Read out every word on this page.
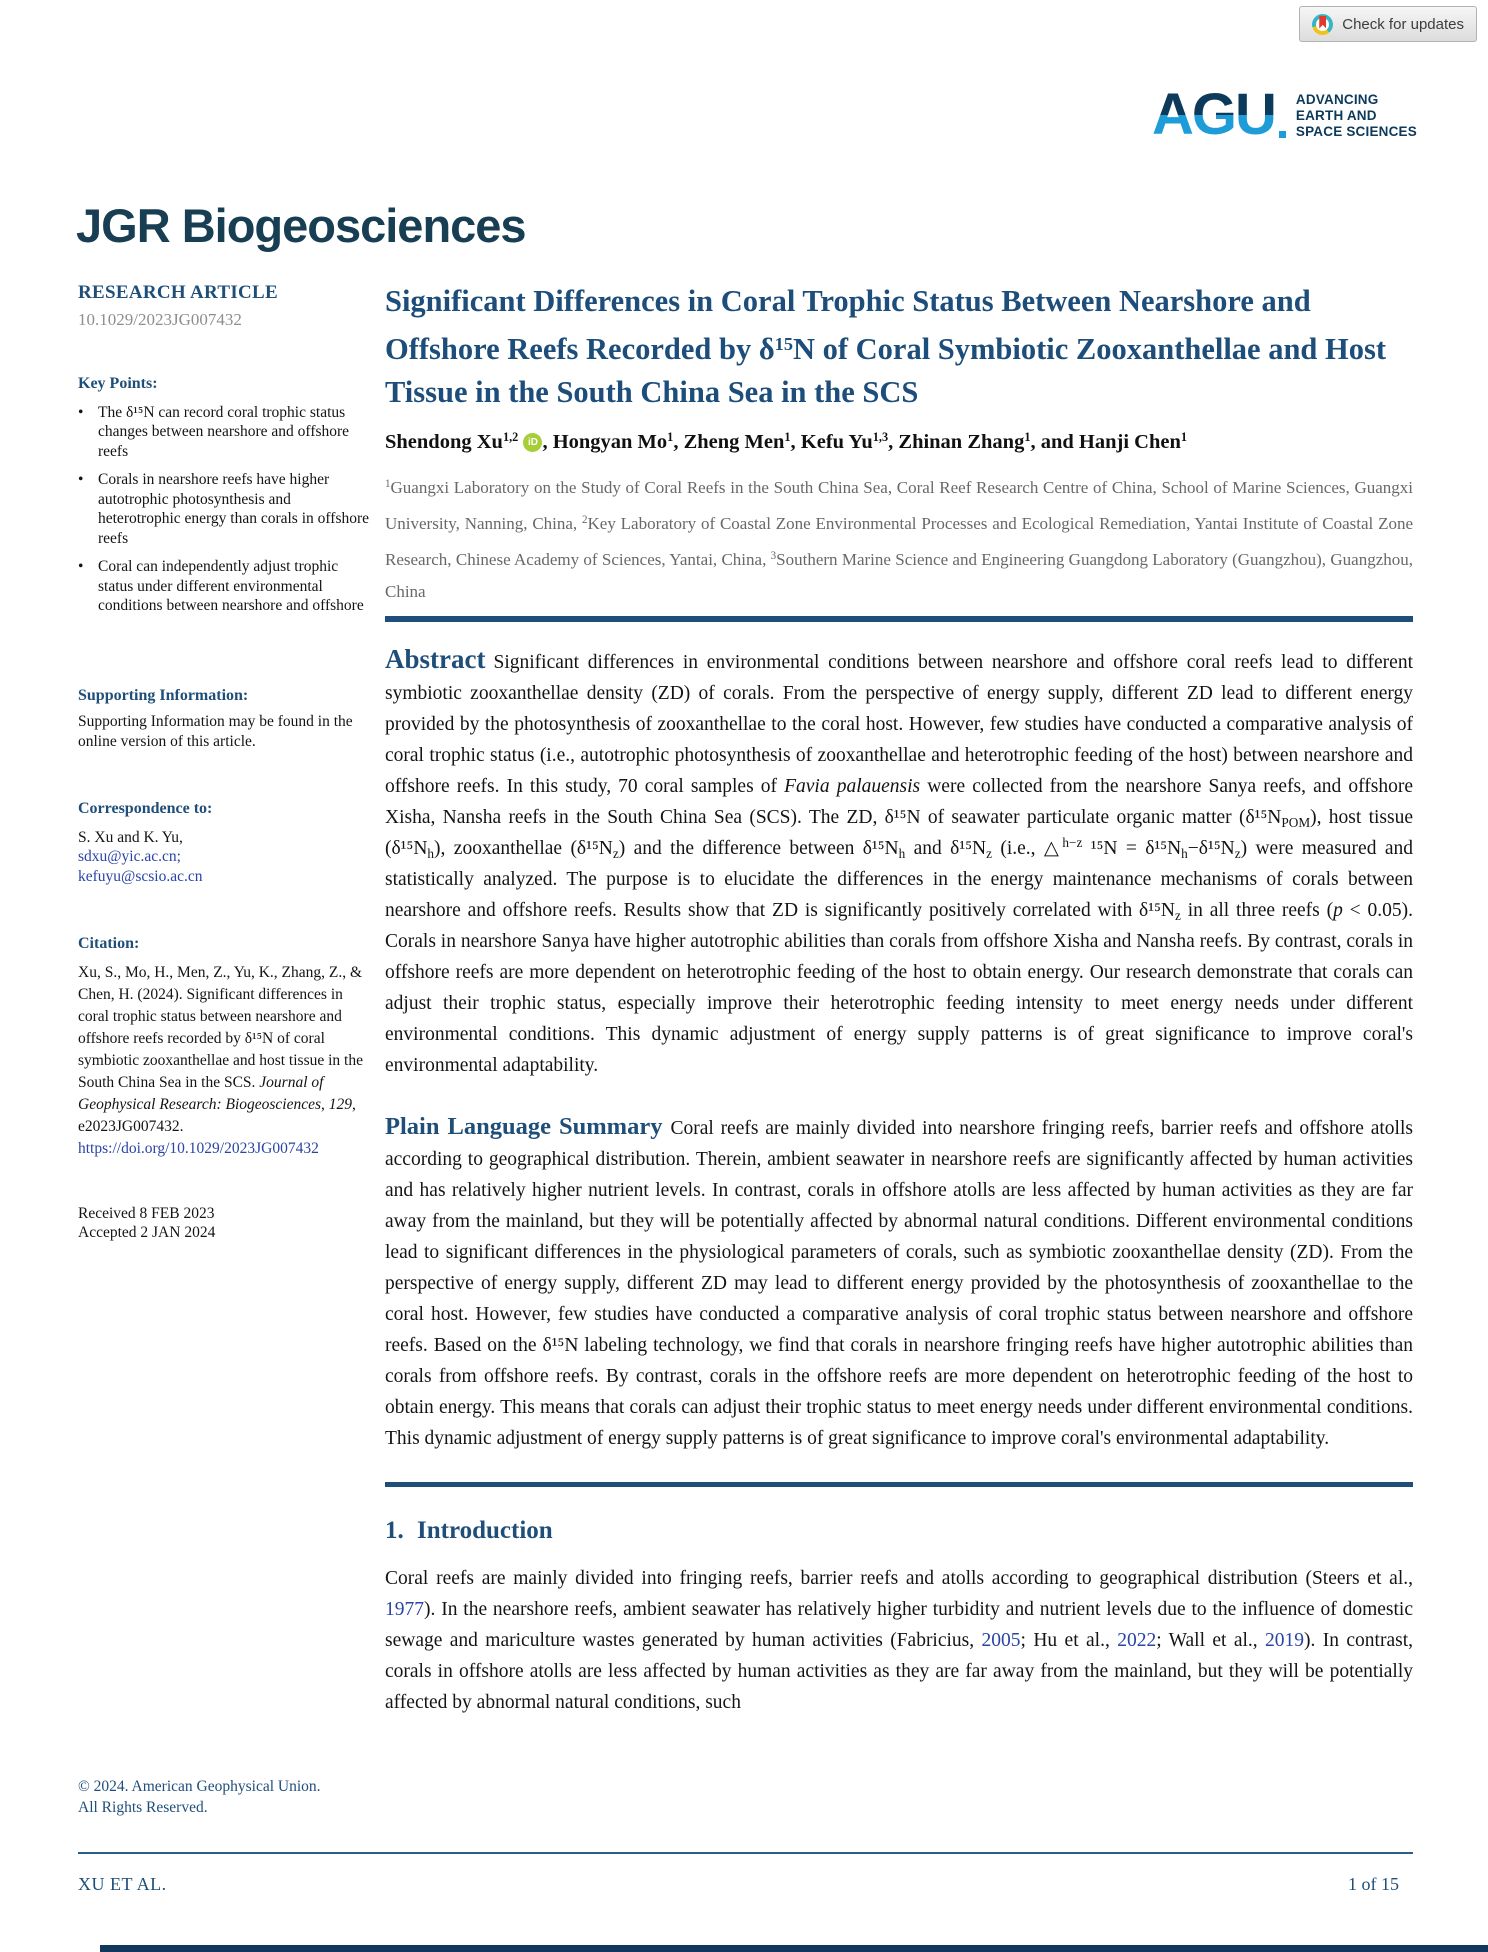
Check for updates
AGU ADVANCING
EARTH AND
SPACE SCIENCES
JGR Biogeosciences
RESEARCH ARTICLE
10.1029/2023JG007432
Key Points:
• The δ¹⁵N can record coral trophic status changes between nearshore and offshore reefs
• Corals in nearshore reefs have higher autotrophic photosynthesis and heterotrophic energy than corals in offshore reefs
• Coral can independently adjust trophic status under different environmental conditions between nearshore and offshore
Supporting Information:
Supporting Information may be found in the online version of this article.
Correspondence to:
S. Xu and K. Yu,
sdxu@yic.ac.cn;
kefuyu@scsio.ac.cn
Citation:
Xu, S., Mo, H., Men, Z., Yu, K., Zhang, Z., & Chen, H. (2024). Significant differences in coral trophic status between nearshore and offshore reefs recorded by δ¹⁵N of coral symbiotic zooxanthellae and host tissue in the South China Sea in the SCS. Journal of Geophysical Research: Biogeosciences, 129, e2023JG007432. https://doi.org/10.1029/2023JG007432
Received 8 FEB 2023
Accepted 2 JAN 2024
© 2024. American Geophysical Union.
All Rights Reserved.
Significant Differences in Coral Trophic Status Between Nearshore and Offshore Reefs Recorded by $\delta^{15}N$ of Coral Symbiotic Zooxanthellae and Host Tissue in the South China Sea in the SCS
Shendong Xu$^{1,2}$ iD , Hongyan Mo$^1$, Zheng Men$^1$, Kefu Yu$^{1,3}$, Zhinan Zhang$^1$, and Hanji Chen$^1$
$^1$Guangxi Laboratory on the Study of Coral Reefs in the South China Sea, Coral Reef Research Centre of China, School of Marine Sciences, Guangxi University, Nanning, China, $^2$Key Laboratory of Coastal Zone Environmental Processes and Ecological Remediation, Yantai Institute of Coastal Zone Research, Chinese Academy of Sciences, Yantai, China, $^3$Southern Marine Science and Engineering Guangdong Laboratory (Guangzhou), Guangzhou, China

Abstract Significant differences in environmental conditions between nearshore and offshore coral reefs lead to different symbiotic zooxanthellae density (ZD) of corals. From the perspective of energy supply, different ZD lead to different energy provided by the photosynthesis of zooxanthellae to the coral host. However, few studies have conducted a comparative analysis of coral trophic status (i.e., autotrophic photosynthesis of zooxanthellae and heterotrophic feeding of the host) between nearshore and offshore reefs. In this study, 70 coral samples of Favia palauensis were collected from the nearshore Sanya reefs, and offshore Xisha, Nansha reefs in the South China Sea (SCS). The ZD, δ¹⁵N of seawater particulate organic matter $(\delta^{15}N_{POM})$, host tissue $(\delta^{15}N_h)$, zooxanthellae $(\delta^{15}N_z)$ and the difference between $\delta^{15}N_h$ and $\delta^{15}N_z$ (i.e., △$^{h-z}$ $^{15}N = \delta^{15}N_h-\delta^{15}N_z$) were measured and statistically analyzed. The purpose is to elucidate the differences in the energy maintenance mechanisms of corals between nearshore and offshore reefs. Results show that ZD is significantly positively correlated with $\delta^{15}N_z$ in all three reefs (p < 0.05). Corals in nearshore Sanya have higher autotrophic abilities than corals from offshore Xisha and Nansha reefs. By contrast, corals in offshore reefs are more dependent on heterotrophic feeding of the host to obtain energy. Our research demonstrate that corals can adjust their trophic status, especially improve their heterotrophic feeding intensity to meet energy needs under different environmental conditions. This dynamic adjustment of energy supply patterns is of great significance to improve coral's environmental adaptability.

Plain Language Summary Coral reefs are mainly divided into nearshore fringing reefs, barrier reefs and offshore atolls according to geographical distribution. Therein, ambient seawater in nearshore reefs are significantly affected by human activities and has relatively higher nutrient levels. In contrast, corals in offshore atolls are less affected by human activities as they are far away from the mainland, but they will be potentially affected by abnormal natural conditions. Different environmental conditions lead to significant differences in the physiological parameters of corals, such as symbiotic zooxanthellae density (ZD). From the perspective of energy supply, different ZD may lead to different energy provided by the photosynthesis of zooxanthellae to the coral host. However, few studies have conducted a comparative analysis of coral trophic status between nearshore and offshore reefs. Based on the δ¹⁵N labeling technology, we find that corals in nearshore fringing reefs have higher autotrophic abilities than corals from offshore reefs. By contrast, corals in the offshore reefs are more dependent on heterotrophic feeding of the host to obtain energy. This means that corals can adjust their trophic status to meet energy needs under different environmental conditions. This dynamic adjustment of energy supply patterns is of great significance to improve coral's environmental adaptability.

1. Introduction

Coral reefs are mainly divided into fringing reefs, barrier reefs and atolls according to geographical distribution (Steers et al., 1977). In the nearshore reefs, ambient seawater has relatively higher turbidity and nutrient levels due to the influence of domestic sewage and mariculture wastes generated by human activities (Fabricius, 2005; Hu et al., 2022; Wall et al., 2019). In contrast, corals in offshore atolls are less affected by human activities as they are far away from the mainland, but they will be potentially affected by abnormal natural conditions, such

XU ET AL.	1 of 15
